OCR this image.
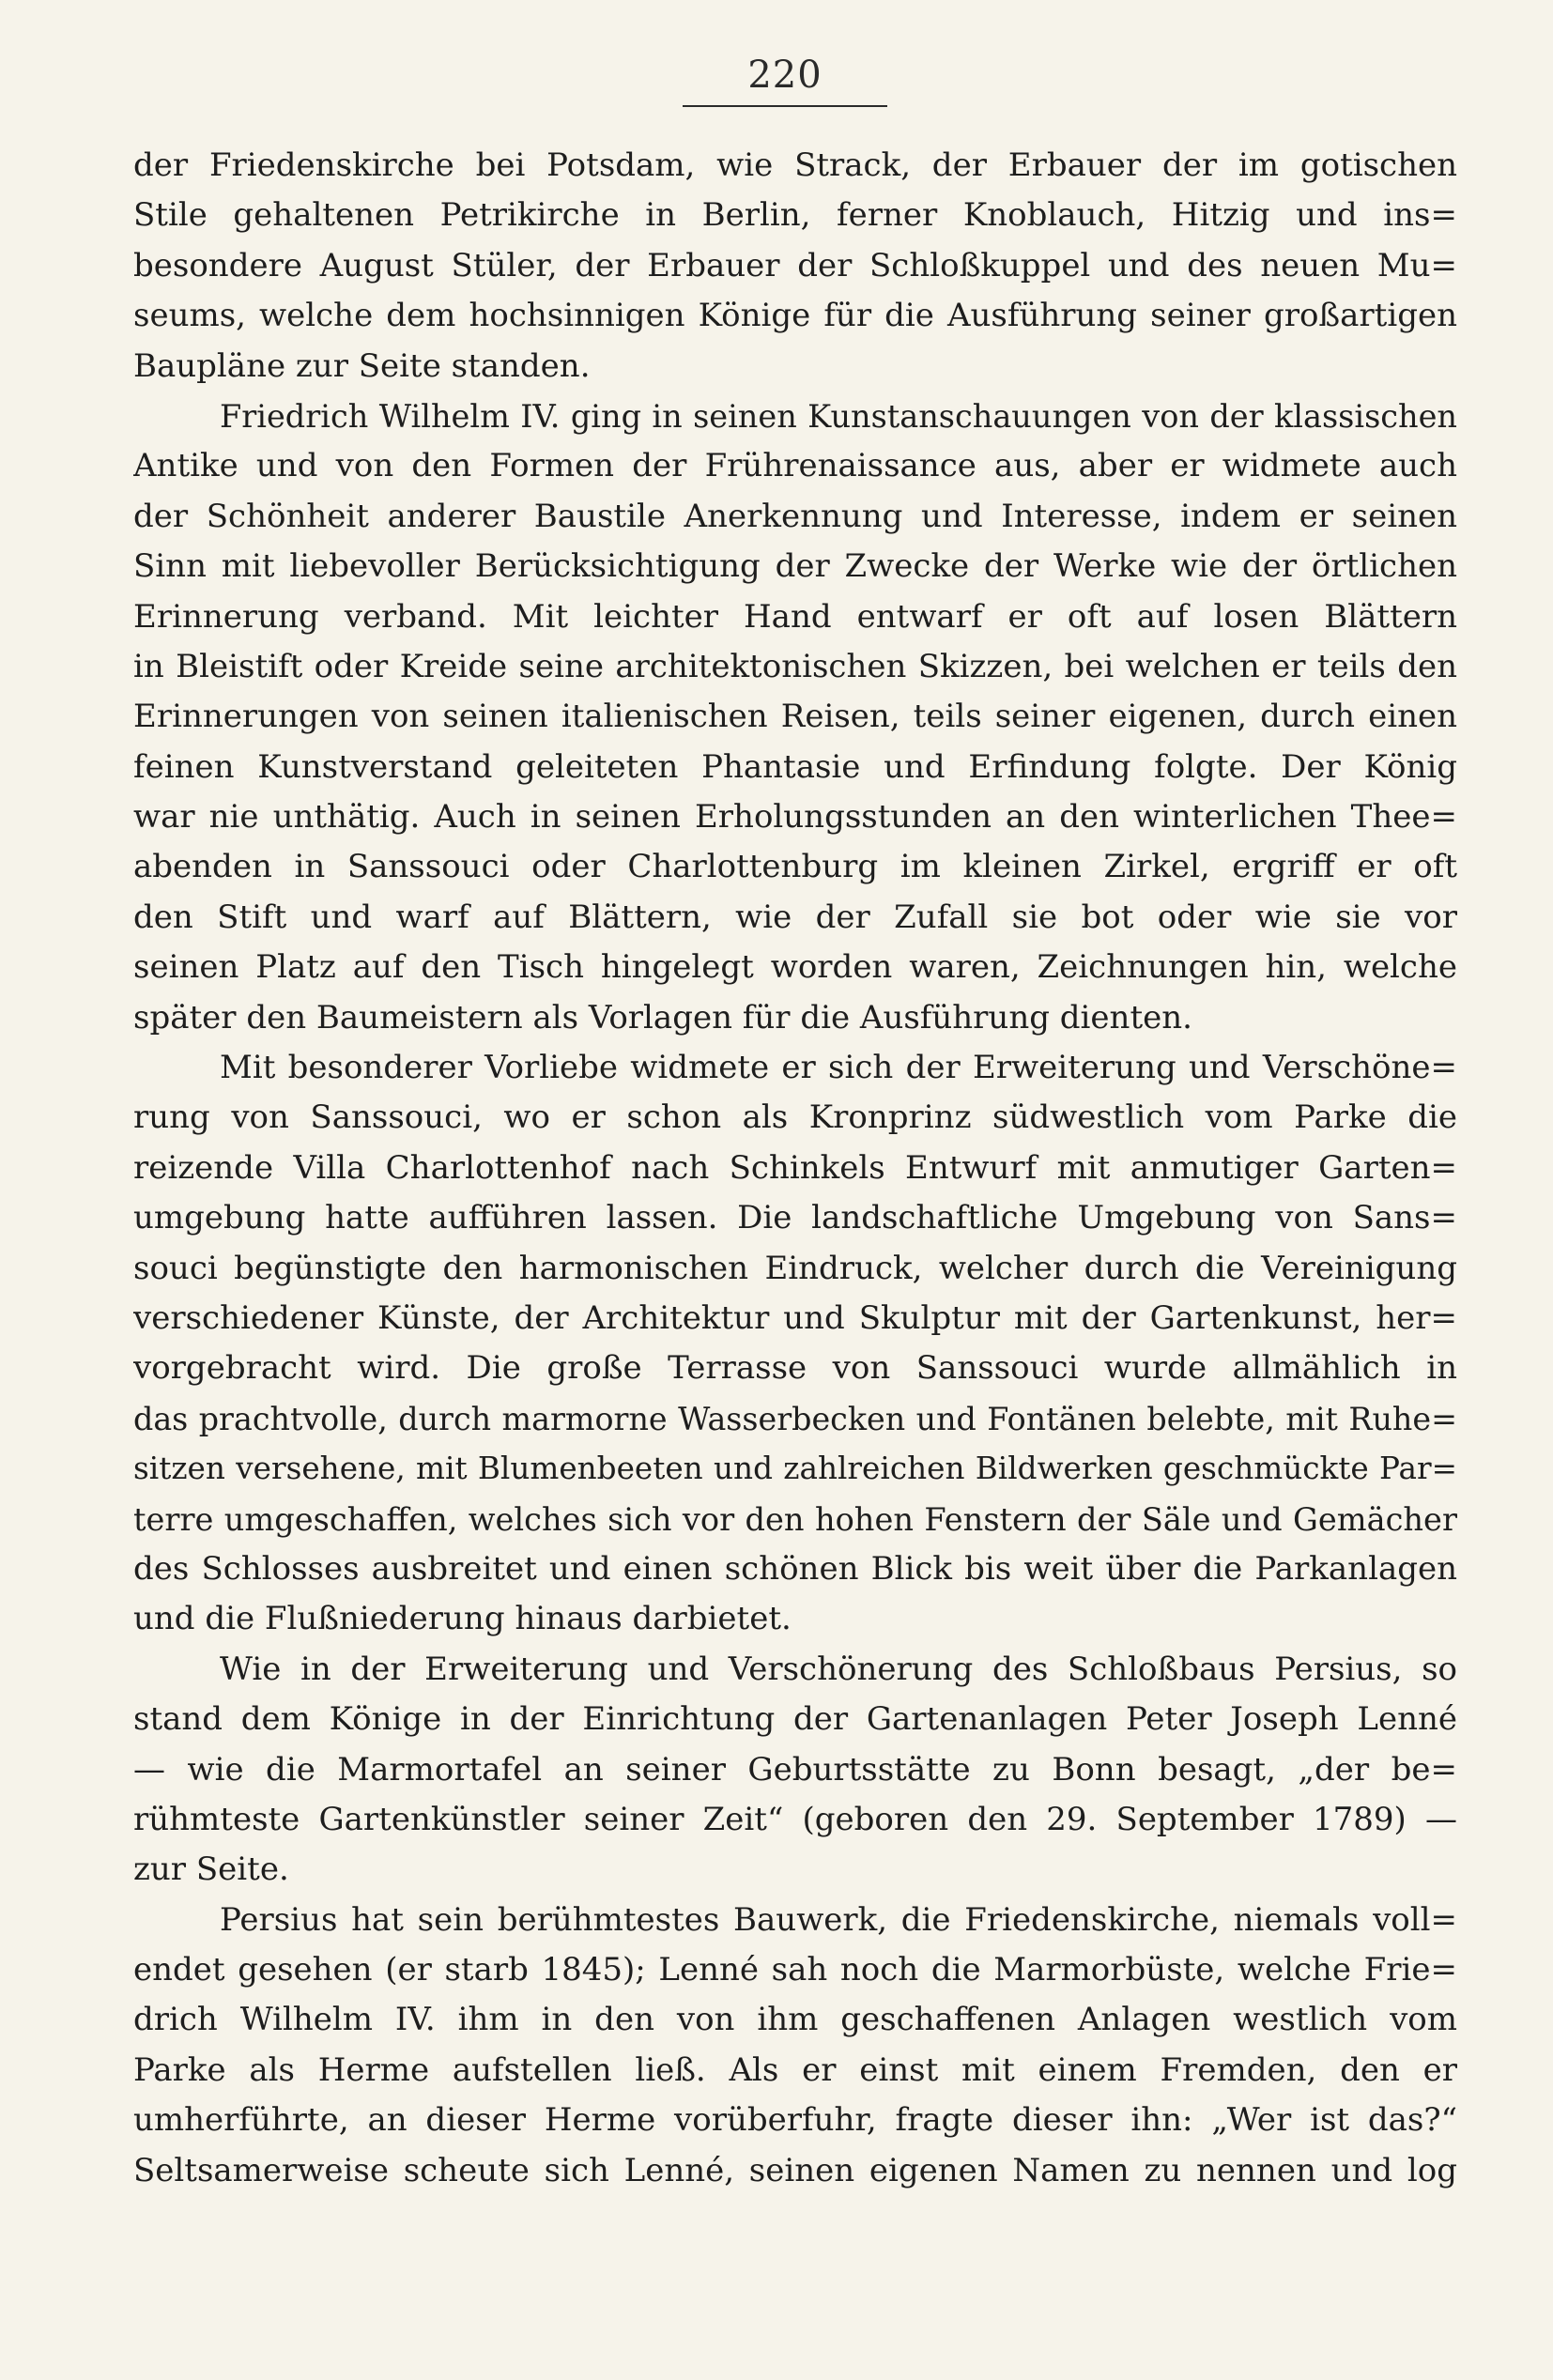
220
der Friedenskirche bei Potsdam, wie Strack, der Erbauer der im gotischen
Stile gehaltenen Petrikirche in Berlin, ferner Knoblauch, Hitzig und ins=
besondere August Stüler, der Erbauer der Schloßkuppel und des neuen Mu=
seums, welche dem hochsinnigen Könige für die Ausführung seiner großartigen
Baupläne zur Seite standen.
Friedrich Wilhelm IV. ging in seinen Kunstanschauungen von der klassischen
Antike und von den Formen der Frührenaissance aus, aber er widmete auch
der Schönheit anderer Baustile Anerkennung und Interesse, indem er seinen
Sinn mit liebevoller Berücksichtigung der Zwecke der Werke wie der örtlichen
Erinnerung verband. Mit leichter Hand entwarf er oft auf losen Blättern
in Bleistift oder Kreide seine architektonischen Skizzen, bei welchen er teils den
Erinnerungen von seinen italienischen Reisen, teils seiner eigenen, durch einen
feinen Kunstverstand geleiteten Phantasie und Erfindung folgte. Der König
war nie unthätig. Auch in seinen Erholungsstunden an den winterlichen Thee=
abenden in Sanssouci oder Charlottenburg im kleinen Zirkel, ergriff er oft
den Stift und warf auf Blättern, wie der Zufall sie bot oder wie sie vor
seinen Platz auf den Tisch hingelegt worden waren, Zeichnungen hin, welche
später den Baumeistern als Vorlagen für die Ausführung dienten.
Mit besonderer Vorliebe widmete er sich der Erweiterung und Verschöne=
rung von Sanssouci, wo er schon als Kronprinz südwestlich vom Parke die
reizende Villa Charlottenhof nach Schinkels Entwurf mit anmutiger Garten=
umgebung hatte aufführen lassen. Die landschaftliche Umgebung von Sans=
souci begünstigte den harmonischen Eindruck, welcher durch die Vereinigung
verschiedener Künste, der Architektur und Skulptur mit der Gartenkunst, her=
vorgebracht wird. Die große Terrasse von Sanssouci wurde allmählich in
das prachtvolle, durch marmorne Wasserbecken und Fontänen belebte, mit Ruhe=
sitzen versehene, mit Blumenbeeten und zahlreichen Bildwerken geschmückte Par=
terre umgeschaffen, welches sich vor den hohen Fenstern der Säle und Gemächer
des Schlosses ausbreitet und einen schönen Blick bis weit über die Parkanlagen
und die Flußniederung hinaus darbietet.
Wie in der Erweiterung und Verschönerung des Schloßbaus Persius, so
stand dem Könige in der Einrichtung der Gartenanlagen Peter Joseph Lenné
— wie die Marmortafel an seiner Geburtsstätte zu Bonn besagt, „der be=
rühmteste Gartenkünstler seiner Zeit“ (geboren den 29. September 1789) —
zur Seite.
Persius hat sein berühmtestes Bauwerk, die Friedenskirche, niemals voll=
endet gesehen (er starb 1845); Lenné sah noch die Marmorbüste, welche Frie=
drich Wilhelm IV. ihm in den von ihm geschaffenen Anlagen westlich vom
Parke als Herme aufstellen ließ. Als er einst mit einem Fremden, den er
umherführte, an dieser Herme vorüberfuhr, fragte dieser ihn: „Wer ist das?“
Seltsamerweise scheute sich Lenné, seinen eigenen Namen zu nennen und log
